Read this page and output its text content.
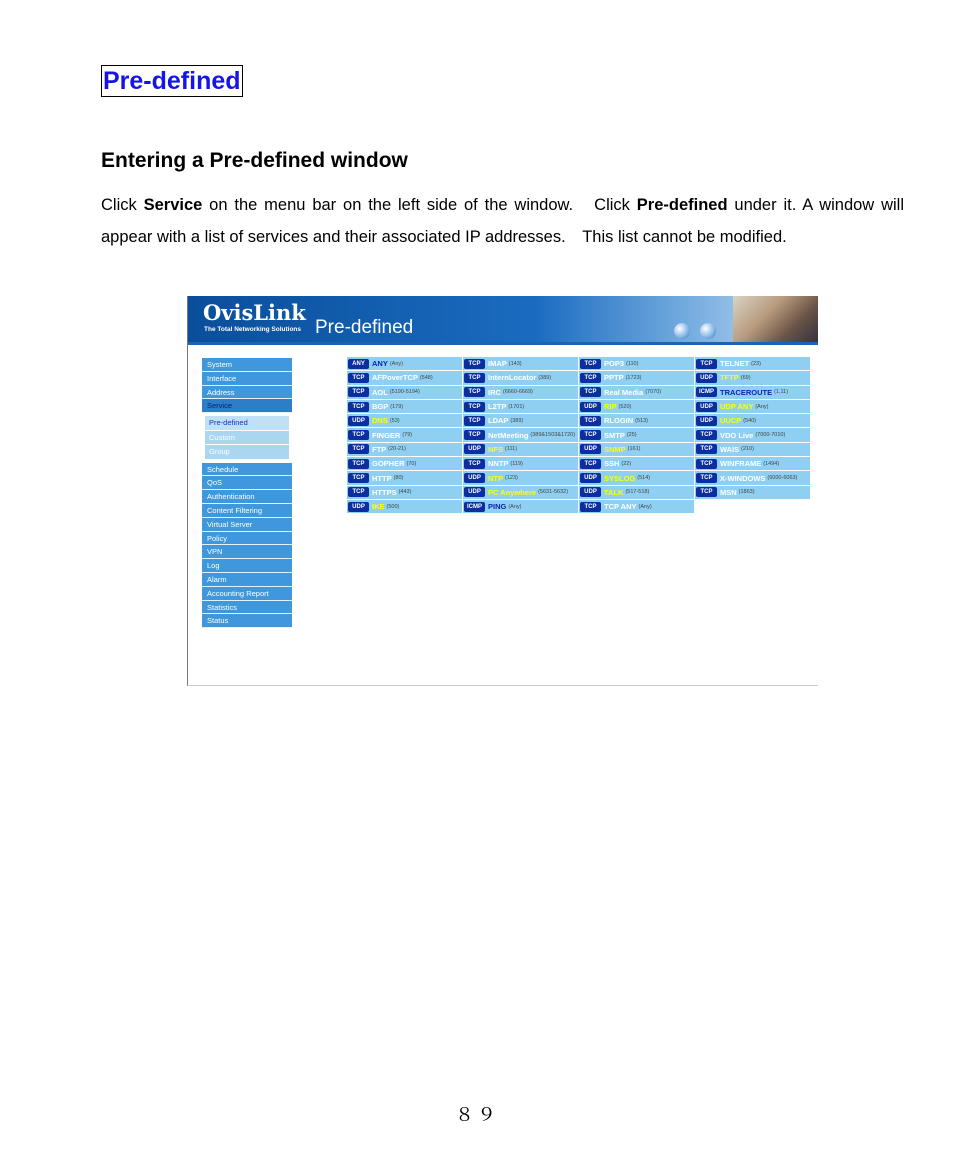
Pre-defined
Entering a Pre-defined window

Click Service on the menu bar on the left side of the window.　Click Pre-defined under it. A window will appear with a list of services and their associated IP addresses.　This list cannot be modified.

OvisLink
The Total Networking Solutions Pre-defined
System
Interface
Address
Service
Pre-defined
Custom
Group
Schedule
QoS
Authentication
Content Filtering
Virtual Server
Policy
VPN
Log
Alarm
Accounting Report
Statistics
Status
ANY ANY (Any)	TCP	IMAP (143)	TCP	POP3 (110)	TCP	TELNET (23)
TCP	AFPoverTCP (548)	TCP	InternLocator (389)	TCP	PPTP (1723)	UDP TFTP (69)
TCP	AOL (5190-5194)	TCP	IRC (6660-6669)	TCP	Real Media (7070)	ICMP TRACEROUTE (1,11)
TCP	BGP (179)	TCP	L2TP (1701)	UDP RIP (520)	UDP UDP ANY (Any)
UDP DNS (53)	TCP	LDAP (389)	TCP	RLOGIN (513)	UDP UUCP (540)
TCP	FINGER (79)	TCP	NetMeeting (389&1503&1720)	TCP	SMTP (25)	TCP	VDO Live (7000-7010)
TCP	FTP (20-21)	UDP NFS (111)	UDP SNMP (161)	TCP	WAIS (210)
TCP	GOPHER (70)	TCP	NNTP (119)	TCP	SSH (22)	TCP	WINFRAME (1494)
TCP	HTTP (80)	UDP NTP (123)	UDP SYSLOG (514)	TCP	X-WINDOWS (6000-6063)
TCP	HTTPS (443)	UDP PC Anywhere (5631-5632)	UDP TALK (517-518)	TCP	MSN (1863)
UDP IKE (500)	ICMP PING (Any)	TCP	TCP ANY (Any)
８９
